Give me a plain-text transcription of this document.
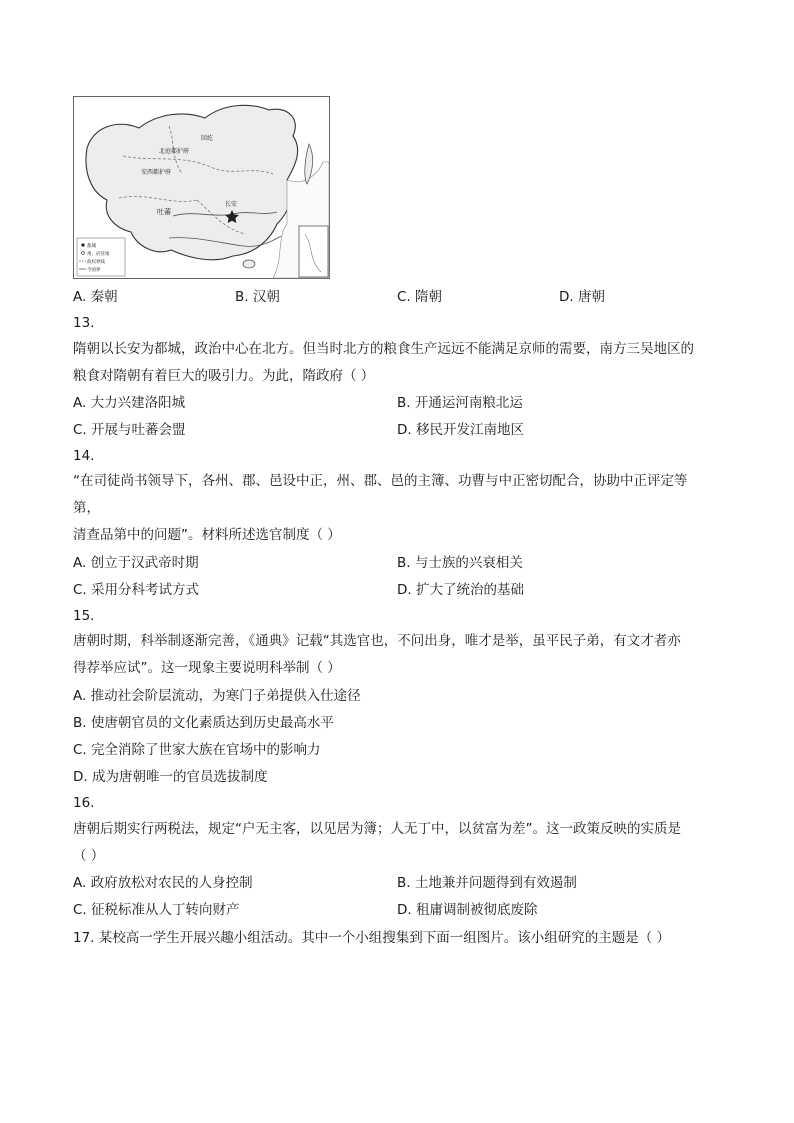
北庭都护府
安西都护府
长安
吐蕃
回纥
都城
州、府驻地
政权界线
今国界
A. 秦朝	B. 汉朝	C. 隋朝	D. 唐朝
13.
隋朝以长安为都城，政治中心在北方。但当时北方的粮食生产远远不能满足京师的需要，南方三吴地区的
粮食对隋朝有着巨大的吸引力。为此，隋政府（ ）
A. 大力兴建洛阳城	B. 开通运河南粮北运
C. 开展与吐蕃会盟	D. 移民开发江南地区
14.
“在司徒尚书领导下，各州、郡、邑设中正，州、郡、邑的主簿、功曹与中正密切配合，协助中正评定等
第，
清查品第中的问题”。材料所述选官制度（ ）
A. 创立于汉武帝时期	B. 与士族的兴衰相关
C. 采用分科考试方式	D. 扩大了统治的基础
15.
唐朝时期，科举制逐渐完善，《通典》记载“其选官也，不问出身，唯才是举，虽平民子弟，有文才者亦
得荐举应试”。这一现象主要说明科举制（ ）
A. 推动社会阶层流动，为寒门子弟提供入仕途径
B. 使唐朝官员的文化素质达到历史最高水平
C. 完全消除了世家大族在官场中的影响力
D. 成为唐朝唯一的官员选拔制度
16.
唐朝后期实行两税法，规定“户无主客，以见居为簿；人无丁中，以贫富为差”。这一政策反映的实质是
（ ）
A. 政府放松对农民的人身控制	B. 土地兼并问题得到有效遏制
C. 征税标准从人丁转向财产	D. 租庸调制被彻底废除
17. 某校高一学生开展兴趣小组活动。其中一个小组搜集到下面一组图片。该小组研究的主题是（ ）
